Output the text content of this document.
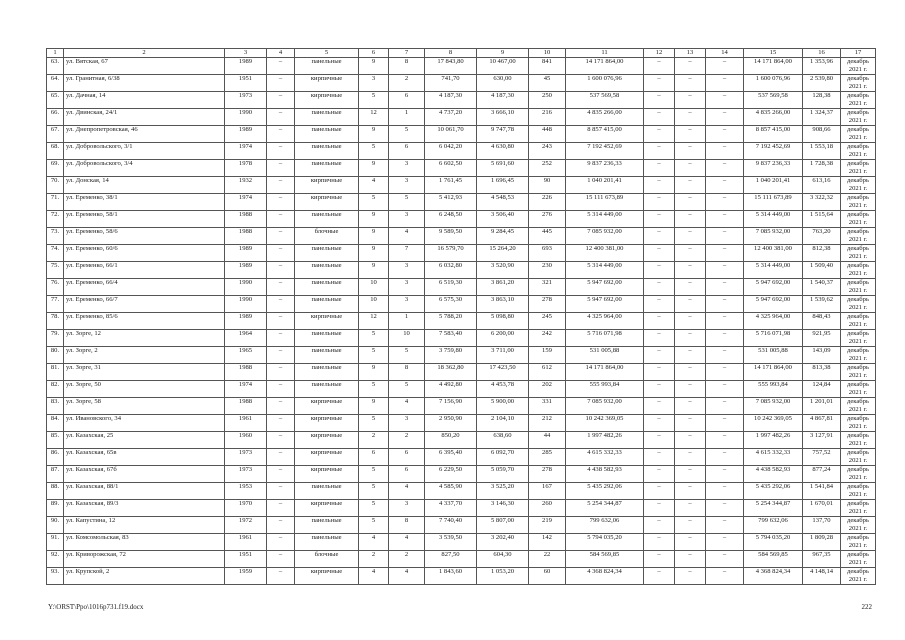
1	2	3	4	5	6	7	8	9	10	11	12	13	14	15	16	17
63.	ул. Вятская, 67	1989	–	панельные	9	8	17 843,80	10 467,00	841	14 171 864,00	–	–	–	14 171 864,00	1 353,96	декабрь 2021 г.
64.	ул. Гранитная, 6/38	1951	–	кирпичные	3	2	741,70	630,00	45	1 600 076,96	–	–	–	1 600 076,96	2 539,80	декабрь 2021 г.
65.	ул. Дачная, 14	1973	–	кирпичные	5	6	4 187,30	4 187,30	250	537 569,58	–	–	–	537 569,58	128,38	декабрь 2021 г.
66.	ул. Двинская, 24/1	1990	–	панельные	12	1	4 737,20	3 666,10	216	4 835 266,00	–	–	–	4 835 266,00	1 324,37	декабрь 2021 г.
67.	ул. Днепропетровская, 46	1989	–	панельные	9	5	10 061,70	9 747,78	448	8 857 415,00	–	–	–	8 857 415,00	908,66	декабрь 2021 г.
68.	ул. Добровольского, 3/1	1974	–	панельные	5	6	6 042,20	4 630,80	243	7 192 452,69	–	–	–	7 192 452,69	1 553,18	декабрь 2021 г.
69.	ул. Добровольского, 3/4	1978	–	панельные	9	3	6 602,50	5 691,60	252	9 837 236,33	–	–	–	9 837 236,33	1 728,38	декабрь 2021 г.
70.	ул. Донская, 14	1932	–	кирпичные	4	3	1 761,45	1 696,45	90	1 040 201,41	–	–	–	1 040 201,41	613,16	декабрь 2021 г.
71.	ул. Еременко, 38/1	1974	–	кирпичные	5	5	5 412,93	4 548,53	226	15 111 673,89	–	–	–	15 111 673,89	3 322,32	декабрь 2021 г.
72.	ул. Еременко, 58/1	1988	–	панельные	9	3	6 248,50	3 506,40	276	5 314 449,00	–	–	–	5 314 449,00	1 515,64	декабрь 2021 г.
73.	ул. Еременко, 58/6	1988	–	блочные	9	4	9 589,50	9 284,45	445	7 085 932,00	–	–	–	7 085 932,00	763,20	декабрь 2021 г.
74.	ул. Еременко, 60/6	1989	–	панельные	9	7	16 579,70	15 264,20	693	12 400 381,00	–	–	–	12 400 381,00	812,38	декабрь 2021 г.
75.	ул. Еременко, 66/1	1989	–	панельные	9	3	6 032,80	3 520,90	230	5 314 449,00	–	–	–	5 314 449,00	1 509,40	декабрь 2021 г.
76.	ул. Еременко, 66/4	1990	–	панельные	10	3	6 519,30	3 861,20	321	5 947 692,00	–	–	–	5 947 692,00	1 540,37	декабрь 2021 г.
77.	ул. Еременко, 66/7	1990	–	панельные	10	3	6 575,30	3 863,10	278	5 947 692,00	–	–	–	5 947 692,00	1 539,62	декабрь 2021 г.
78.	ул. Еременко, 85/6	1989	–	кирпичные	12	1	5 788,20	5 098,80	245	4 325 964,00	–	–	–	4 325 964,00	848,43	декабрь 2021 г.
79.	ул. Зорге, 12	1964	–	панельные	5	10	7 583,40	6 200,00	242	5 716 071,98	–	–	–	5 716 071,98	921,95	декабрь 2021 г.
80.	ул. Зорге, 2	1965	–	панельные	5	5	3 759,80	3 711,00	159	531 005,88	–	–	–	531 005,88	143,09	декабрь 2021 г.
81.	ул. Зорге, 31	1988	–	панельные	9	8	18 362,80	17 423,50	612	14 171 864,00	–	–	–	14 171 864,00	813,38	декабрь 2021 г.
82.	ул. Зорге, 50	1974	–	панельные	5	5	4 492,80	4 453,78	202	555 993,84	–	–	–	555 993,84	124,84	декабрь 2021 г.
83.	ул. Зорге, 58	1988	–	кирпичные	9	4	7 156,90	5 900,00	331	7 085 932,00	–	–	–	7 085 932,00	1 201,01	декабрь 2021 г.
84.	ул. Ивановского, 34	1961	–	кирпичные	5	3	2 950,90	2 104,10	212	10 242 369,05	–	–	–	10 242 369,05	4 867,81	декабрь 2021 г.
85.	ул. Казахская, 25	1960	–	кирпичные	2	2	850,20	638,60	44	1 997 482,26	–	–	–	1 997 482,26	3 127,91	декабрь 2021 г.
86.	ул. Казахская, 65в	1973	–	кирпичные	6	6	6 395,40	6 092,70	285	4 615 332,33	–	–	–	4 615 332,33	757,52	декабрь 2021 г.
87.	ул. Казахская, 67б	1973	–	кирпичные	5	6	6 229,50	5 059,70	278	4 438 582,93	–	–	–	4 438 582,93	877,24	декабрь 2021 г.
88.	ул. Казахская, 88/1	1953	–	панельные	5	4	4 585,90	3 525,20	167	5 435 292,06	–	–	–	5 435 292,06	1 541,84	декабрь 2021 г.
89.	ул. Казахская, 89/3	1970	–	кирпичные	5	3	4 337,70	3 146,30	260	5 254 344,87	–	–	–	5 254 344,87	1 670,01	декабрь 2021 г.
90.	ул. Капустина, 12	1972	–	панельные	5	8	7 740,40	5 807,00	219	799 632,06	–	–	–	799 632,06	137,70	декабрь 2021 г.
91.	ул. Комсомольская, 83	1961	–	панельные	4	4	3 539,50	3 202,40	142	5 794 035,20	–	–	–	5 794 035,20	1 809,28	декабрь 2021 г.
92.	ул. Криворожская, 72	1951	–	блочные	2	2	827,50	604,30	22	584 569,85	–	–	–	584 569,85	967,35	декабрь 2021 г.
93.	ул. Крупской, 2	1959	–	кирпичные	4	4	1 843,60	1 053,20	60	4 368 824,34	–	–	–	4 368 824,34	4 148,14	декабрь 2021 г.
Y:\ORST\Ppo\1016p731.f19.docx	222
